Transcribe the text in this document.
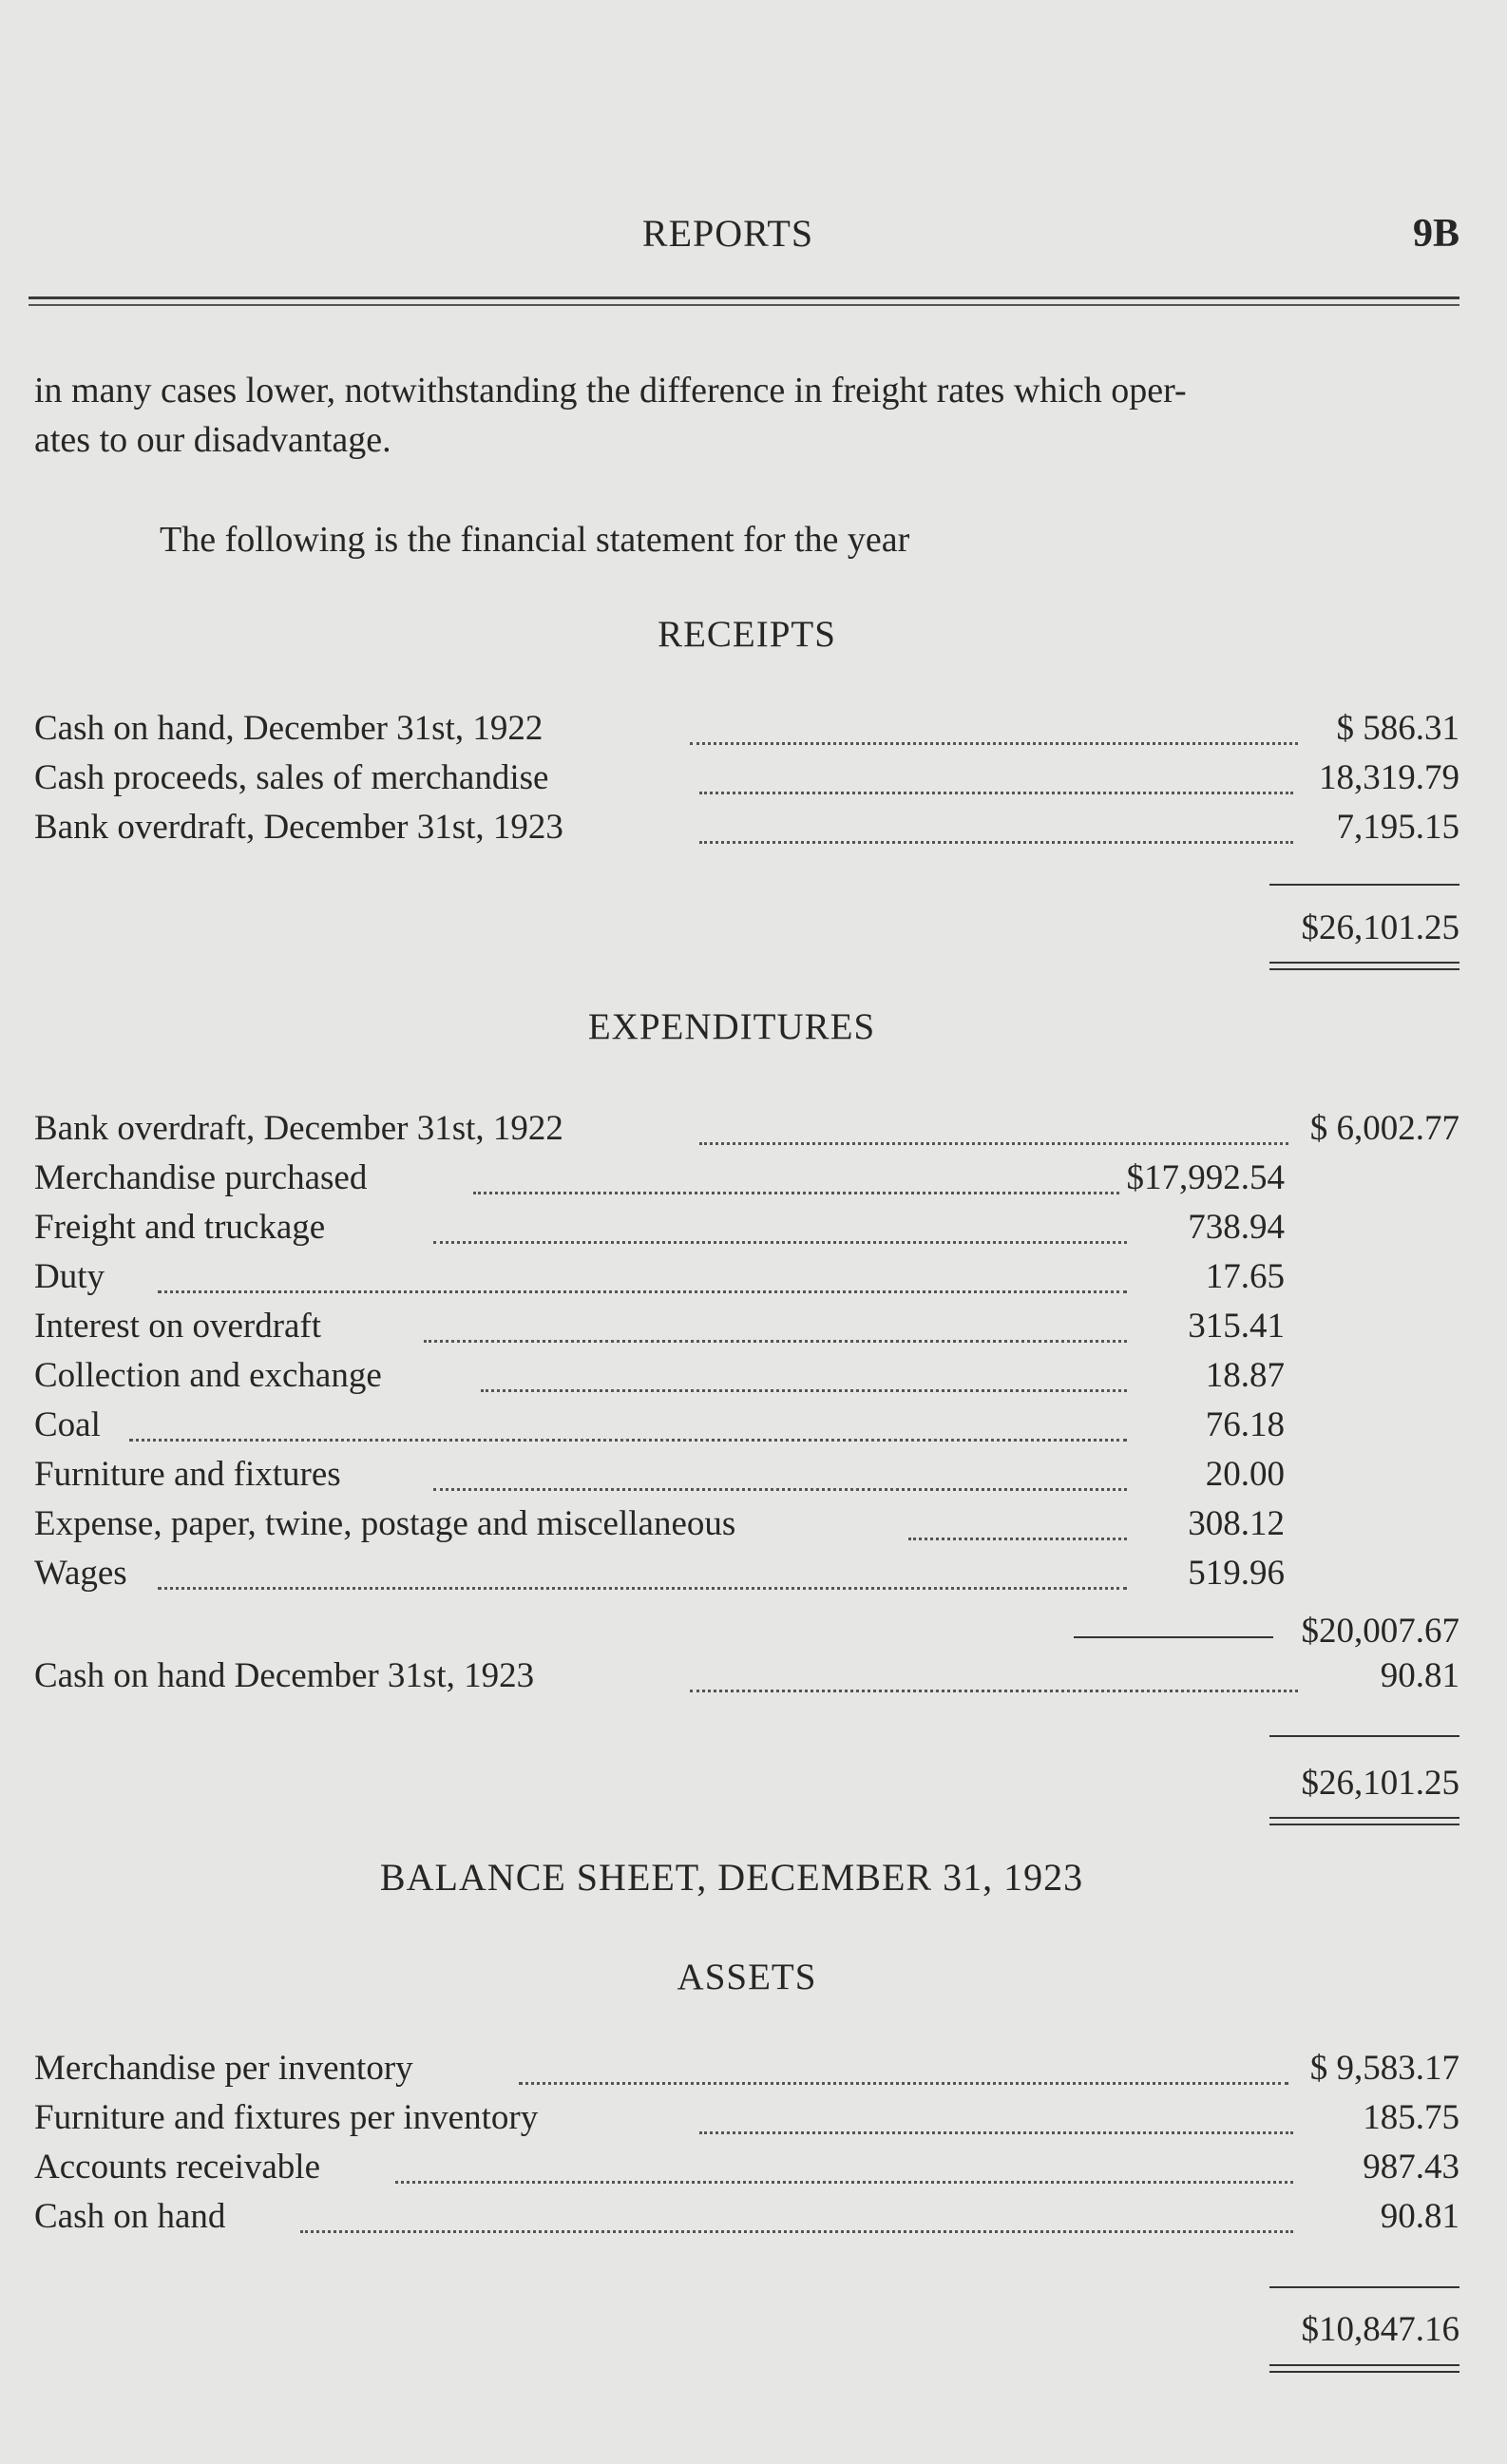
REPORTS	9B
in many cases lower, notwithstanding the difference in freight rates which oper-
ates to our disadvantage.
The following is the financial statement for the year
RECEIPTS
Cash on hand, December 31st, 1922	$ 586.31
Cash proceeds, sales of merchandise	18,319.79
Bank overdraft, December 31st, 1923	7,195.15
$26,101.25
EXPENDITURES
Bank overdraft, December 31st, 1922	$ 6,002.77
Merchandise purchased	$17,992.54
Freight and truckage	738.94
Duty	17.65
Interest on overdraft	315.41
Collection and exchange	18.87
Coal	76.18
Furniture and fixtures	20.00
Expense, paper, twine, postage and miscellaneous	308.12
Wages	519.96
$20,007.67
Cash on hand December 31st, 1923	90.81
$26,101.25
BALANCE SHEET, DECEMBER 31, 1923
ASSETS
Merchandise per inventory	$ 9,583.17
Furniture and fixtures per inventory	185.75
Accounts receivable	987.43
Cash on hand	90.81
$10,847.16
